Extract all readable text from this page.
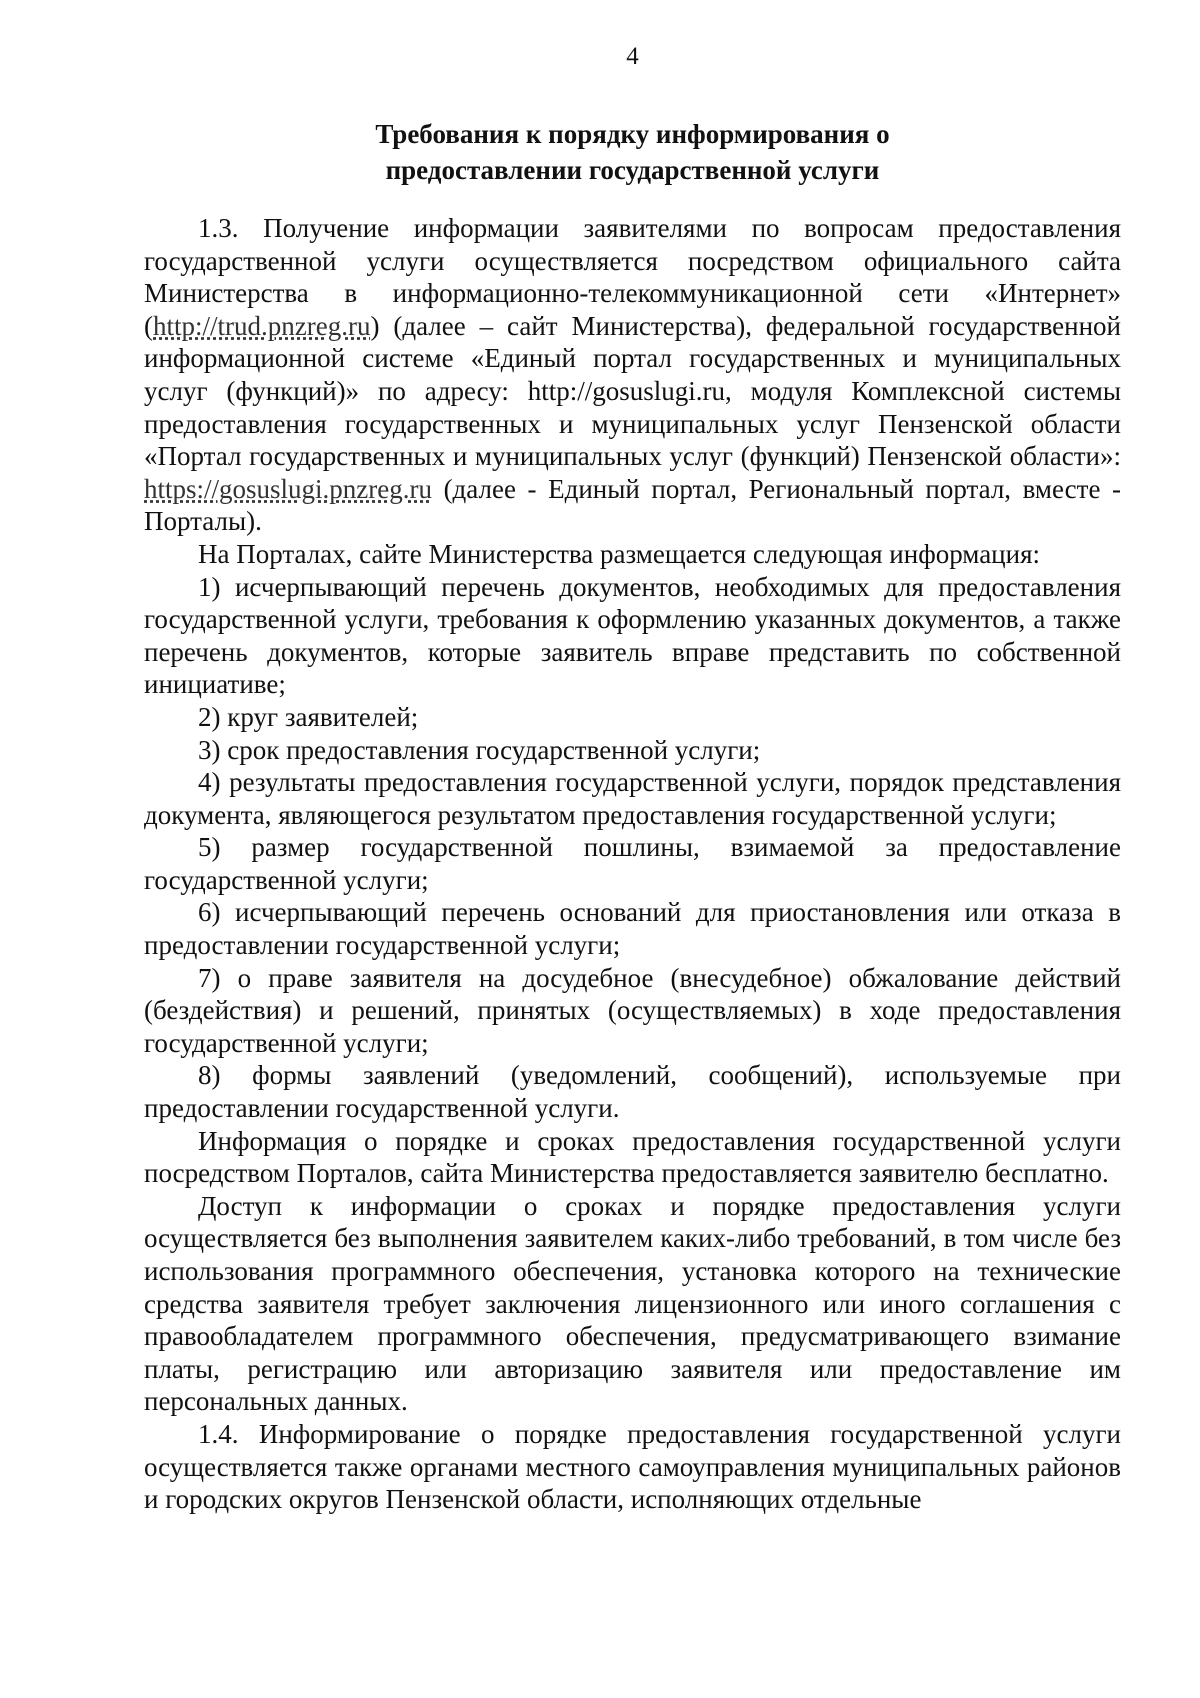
4
Требования к порядку информирования о
предоставлении государственной услуги

1.3. Получение информации заявителями по вопросам предоставления государственной услуги осуществляется посредством официального сайта Министерства в информационно-телекоммуникационной сети «Интернет» (http://trud.pnzreg.ru) (далее – сайт Министерства), федеральной государственной информационной системе «Единый портал государственных и муниципальных услуг (функций)» по адресу: http://gosuslugi.ru, модуля Комплексной системы предоставления государственных и муниципальных услуг Пензенской области «Портал государственных и муниципальных услуг (функций) Пензенской области»: https://gosuslugi.pnzreg.ru (далее - Единый портал, Региональный портал, вместе - Порталы).

На Порталах, сайте Министерства размещается следующая информация:

1) исчерпывающий перечень документов, необходимых для предоставления государственной услуги, требования к оформлению указанных документов, а также перечень документов, которые заявитель вправе представить по собственной инициативе;

2) круг заявителей;

3) срок предоставления государственной услуги;

4) результаты предоставления государственной услуги, порядок представления документа, являющегося результатом предоставления государственной услуги;

5) размер государственной пошлины, взимаемой за предоставление государственной услуги;

6) исчерпывающий перечень оснований для приостановления или отказа в предоставлении государственной услуги;

7) о праве заявителя на досудебное (внесудебное) обжалование действий (бездействия) и решений, принятых (осуществляемых) в ходе предоставления государственной услуги;

8) формы заявлений (уведомлений, сообщений), используемые при предоставлении государственной услуги.

Информация о порядке и сроках предоставления государственной услуги посредством Порталов, сайта Министерства предоставляется заявителю бесплатно.

Доступ к информации о сроках и порядке предоставления услуги осуществляется без выполнения заявителем каких-либо требований, в том числе без использования программного обеспечения, установка которого на технические средства заявителя требует заключения лицензионного или иного соглашения с правообладателем программного обеспечения, предусматривающего взимание платы, регистрацию или авторизацию заявителя или предоставление им персональных данных.

1.4. Информирование о порядке предоставления государственной услуги осуществляется также органами местного самоуправления муниципальных районов и городских округов Пензенской области, исполняющих отдельные
